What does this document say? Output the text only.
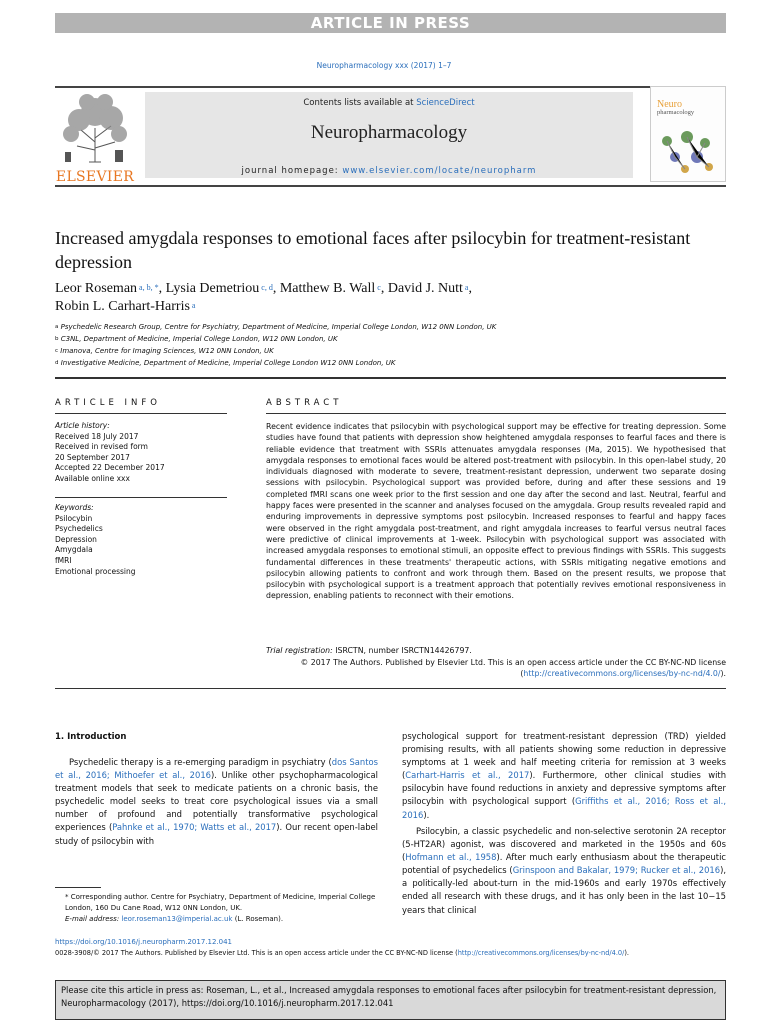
ARTICLE IN PRESS
Neuropharmacology xxx (2017) 1–7
ELSEVIER
Contents lists available at ScienceDirect
Neuropharmacology
journal homepage: www.elsevier.com/locate/neuropharm
Neuro
pharmacology
Increased amygdala responses to emotional faces after psilocybin for treatment-resistant depression
Leor Roseman $^{a, b, *}$, Lysia Demetriou $^{c, d}$, Matthew B. Wall $^c$, David J. Nutt $^a$,
Robin L. Carhart-Harris $^a$
$^a$ Psychedelic Research Group, Centre for Psychiatry, Department of Medicine, Imperial College London, W12 0NN London, UK
$^b$ C3NL, Department of Medicine, Imperial College London, W12 0NN London, UK
$^c$ Imanova, Centre for Imaging Sciences, W12 0NN London, UK
$^d$ Investigative Medicine, Department of Medicine, Imperial College London W12 0NN London, UK
ARTICLE INFO	ABSTRACT
Article history:
Received 18 July 2017
Received in revised form
20 September 2017
Accepted 22 December 2017
Available online xxx
Keywords:
Psilocybin
Psychedelics
Depression
Amygdala
fMRI
Emotional processing
Recent evidence indicates that psilocybin with psychological support may be effective for treating depression. Some studies have found that patients with depression show heightened amygdala responses to fearful faces and there is reliable evidence that treatment with SSRIs attenuates amygdala responses (Ma, 2015). We hypothesised that amygdala responses to emotional faces would be altered post-treatment with psilocybin. In this open-label study, 20 individuals diagnosed with moderate to severe, treatment-resistant depression, underwent two separate dosing sessions with psilocybin. Psychological support was provided before, during and after these sessions and 19 completed fMRI scans one week prior to the first session and one day after the second and last. Neutral, fearful and happy faces were presented in the scanner and analyses focused on the amygdala. Group results revealed rapid and enduring improvements in depressive symptoms post psilocybin. Increased responses to fearful and happy faces were observed in the right amygdala post-treatment, and right amygdala increases to fearful versus neutral faces were predictive of clinical improvements at 1-week. Psilocybin with psychological support was associated with increased amygdala responses to emotional stimuli, an opposite effect to previous findings with SSRIs. This suggests fundamental differences in these treatments' therapeutic actions, with SSRIs mitigating negative emotions and psilocybin allowing patients to confront and work through them. Based on the present results, we propose that psilocybin with psychological support is a treatment approach that potentially revives emotional responsiveness in depression, enabling patients to reconnect with their emotions.
Trial registration: ISRCTN, number ISRCTN14426797.
© 2017 The Authors. Published by Elsevier Ltd. This is an open access article under the CC BY-NC-ND license (http://creativecommons.org/licenses/by-nc-nd/4.0/).
1. Introduction
Psychedelic therapy is a re-emerging paradigm in psychiatry (dos Santos et al., 2016; Mithoefer et al., 2016). Unlike other psychopharmacological treatment models that seek to medicate patients on a chronic basis, the psychedelic model seeks to treat core psychological issues via a small number of profound and potentially transformative psychological experiences (Pahnke et al., 1970; Watts et al., 2017). Our recent open-label study of psilocybin with
psychological support for treatment-resistant depression (TRD) yielded promising results, with all patients showing some reduction in depressive symptoms at 1 week and half meeting criteria for remission at 3 weeks (Carhart-Harris et al., 2017). Furthermore, other clinical studies with psilocybin have found reductions in anxiety and depressive symptoms after psilocybin with psychological support (Griffiths et al., 2016; Ross et al., 2016).
Psilocybin, a classic psychedelic and non-selective serotonin 2A receptor (5-HT2AR) agonist, was discovered and marketed in the 1950s and 60s (Hofmann et al., 1958). After much early enthusiasm about the therapeutic potential of psychedelics (Grinspoon and Bakalar, 1979; Rucker et al., 2016), a politically-led about-turn in the mid-1960s and early 1970s effectively ended all research with these drugs, and it has only been in the last 10−15 years that clinical
* Corresponding author. Centre for Psychiatry, Department of Medicine, Imperial College London, 160 Du Cane Road, W12 0NN London, UK.
E-mail address: leor.roseman13@imperial.ac.uk (L. Roseman).
https://doi.org/10.1016/j.neuropharm.2017.12.041
0028-3908/© 2017 The Authors. Published by Elsevier Ltd. This is an open access article under the CC BY-NC-ND license (http://creativecommons.org/licenses/by-nc-nd/4.0/).
Please cite this article in press as: Roseman, L., et al., Increased amygdala responses to emotional faces after psilocybin for treatment-resistant depression, Neuropharmacology (2017), https://doi.org/10.1016/j.neuropharm.2017.12.041
